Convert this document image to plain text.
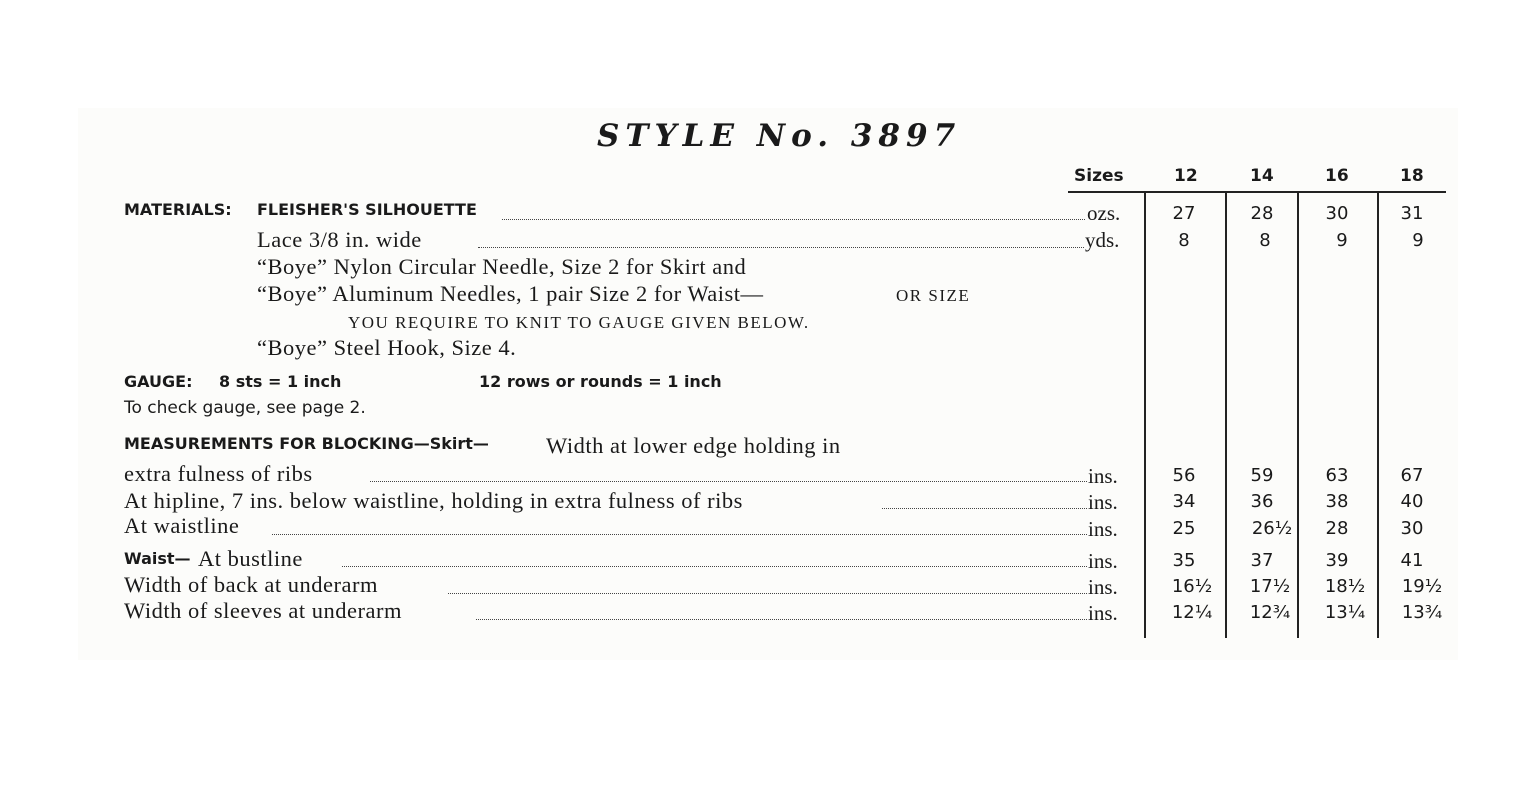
STYLE No. 3897
Sizes	12	14	16	18
MATERIALS: FLEISHER'S SILHOUETTE	ozs.	27	28	30	31
Lace 3/8 in. wide	yds.	8	8	9	9
“Boye” Nylon Circular Needle, Size 2 for Skirt and
“Boye” Aluminum Needles, 1 pair Size 2 for Waist—	OR SIZE
YOU REQUIRE TO KNIT TO GAUGE GIVEN BELOW.
“Boye” Steel Hook, Size 4.
GAUGE: 8 sts = 1 inch	12 rows or rounds = 1 inch
To check gauge, see page 2.
MEASUREMENTS FOR BLOCKING—Skirt—	Width at lower edge holding in
extra fulness of ribs	ins.	56	59	63	67
At hipline, 7 ins. below waistline, holding in extra fulness of ribs	ins.	34	36	38	40
At waistline	ins.	25	26½	28	30
Waist— At bustline	ins.	35	37	39	41
Width of back at underarm	ins.	16½	17½	18½	19½
Width of sleeves at underarm	ins.	12¼	12¾	13¼	13¾
